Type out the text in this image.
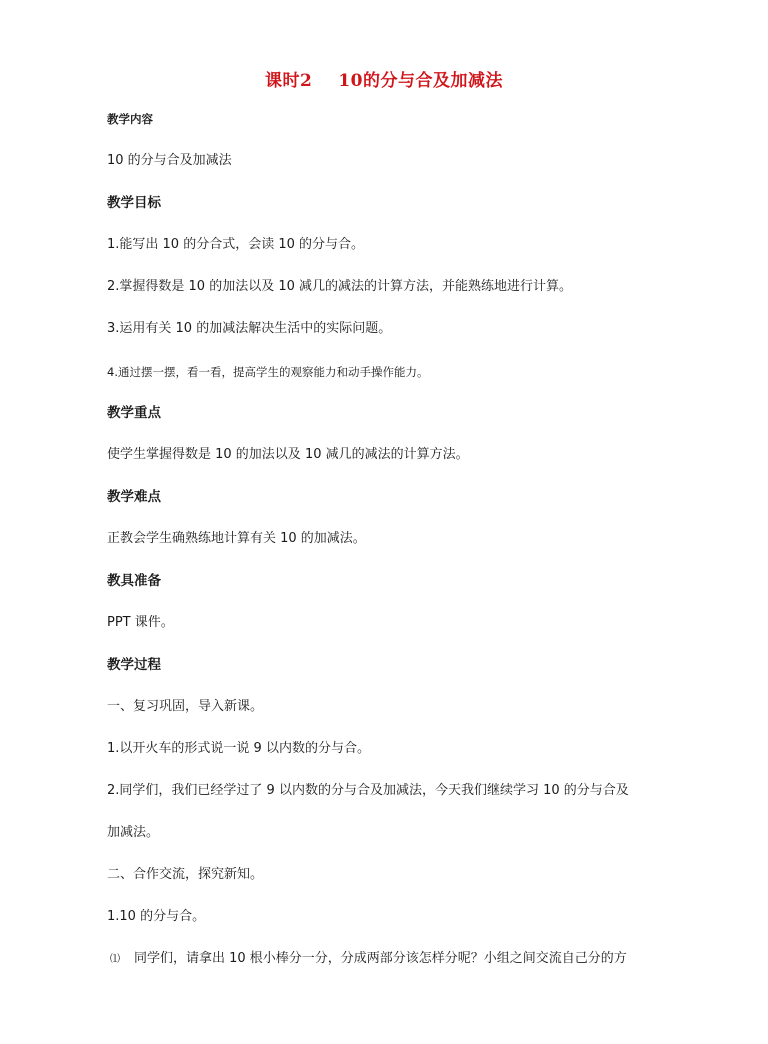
课时2 10的分与合及加减法
教学内容
10 的分与合及加减法
教学目标
1.能写出 10 的分合式，会读 10 的分与合。
2.掌握得数是 10 的加法以及 10 减几的减法的计算方法，并能熟练地进行计算。
3.运用有关 10 的加减法解决生活中的实际问题。
4.通过摆一摆，看一看，提高学生的观察能力和动手操作能力。
教学重点
使学生掌握得数是 10 的加法以及 10 减几的减法的计算方法。
教学难点
正教会学生确熟练地计算有关 10 的加减法。
教具准备
PPT 课件。
教学过程
一、复习巩固，导入新课。
1.以开火车的形式说一说 9 以内数的分与合。
2.同学们，我们已经学过了 9 以内数的分与合及加减法，今天我们继续学习 10 的分与合及
加减法。
二、合作交流，探究新知。
1.10 的分与合。
⑴ 同学们，请拿出 10 根小棒分一分，分成两部分该怎样分呢？小组之间交流自己分的方
